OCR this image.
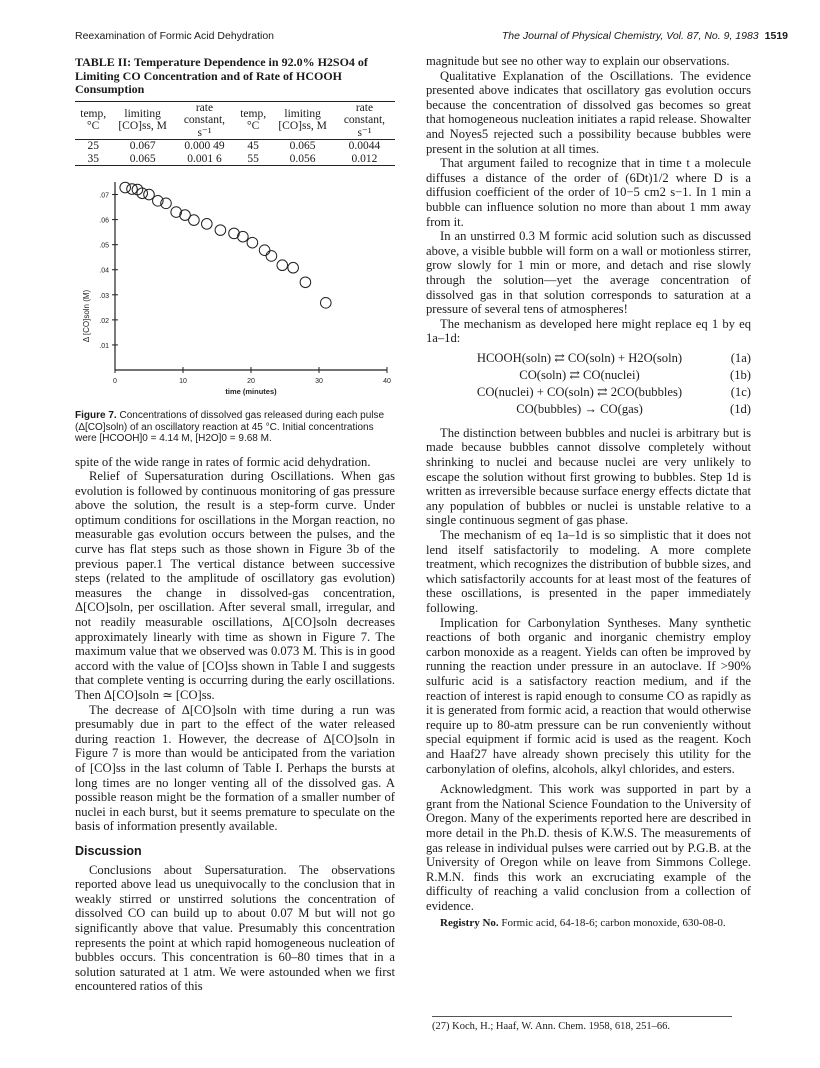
Reexamination of Formic Acid Dehydration	The Journal of Physical Chemistry, Vol. 87, No. 9, 1983 1519
TABLE II: Temperature Dependence in 92.0% H2SO4 of Limiting CO Concentration and of Rate of HCOOH Consumption
temp, °C	limiting [CO]ss, M	rate constant, s⁻¹	temp, °C	limiting [CO]ss, M	rate constant, s⁻¹
25	0.067	0.000 49	45	0.065	0.0044
35	0.065	0.001 6	55	0.056	0.012
.01
.02
.03
.04
.05
.06
.07
0	10	20	30	40
time (minutes)
Δ [CO]soln (M)
Figure 7. Concentrations of dissolved gas released during each pulse (Δ[CO]soln) of an oscillatory reaction at 45 °C. Initial concentrations were [HCOOH]0 = 4.14 M, [H2O]0 = 9.68 M.

spite of the wide range in rates of formic acid dehydration.

Relief of Supersaturation during Oscillations. When gas evolution is followed by continuous monitoring of gas pressure above the solution, the result is a step-form curve. Under optimum conditions for oscillations in the Morgan reaction, no measurable gas evolution occurs between the pulses, and the curve has flat steps such as those shown in Figure 3b of the previous paper.1 The vertical distance between successive steps (related to the amplitude of oscillatory gas evolution) measures the change in dissolved-gas concentration, Δ[CO]soln, per oscillation. After several small, irregular, and not readily measurable oscillations, Δ[CO]soln decreases approximately linearly with time as shown in Figure 7. The maximum value that we observed was 0.073 M. This is in good accord with the value of [CO]ss shown in Table I and suggests that complete venting is occurring during the early oscillations. Then Δ[CO]soln ≃ [CO]ss.

The decrease of Δ[CO]soln with time during a run was presumably due in part to the effect of the water released during reaction 1. However, the decrease of Δ[CO]soln in Figure 7 is more than would be anticipated from the variation of [CO]ss in the last column of Table I. Perhaps the bursts at long times are no longer venting all of the dissolved gas. A possible reason might be the formation of a smaller number of nuclei in each burst, but it seems premature to speculate on the basis of information presently available.

Discussion

Conclusions about Supersaturation. The observations reported above lead us unequivocally to the conclusion that in weakly stirred or unstirred solutions the concentration of dissolved CO can build up to about 0.07 M but will not go significantly above that value. Presumably this concentration represents the point at which rapid homogeneous nucleation of bubbles occurs. This concentration is 60–80 times that in a solution saturated at 1 atm. We were astounded when we first encountered ratios of this

magnitude but see no other way to explain our observations.

Qualitative Explanation of the Oscillations. The evidence presented above indicates that oscillatory gas evolution occurs because the concentration of dissolved gas becomes so great that homogeneous nucleation initiates a rapid release. Showalter and Noyes5 rejected such a possibility because bubbles were present in the solution at all times.

That argument failed to recognize that in time t a molecule diffuses a distance of the order of (6Dt)1/2 where D is a diffusion coefficient of the order of 10−5 cm2 s−1. In 1 min a bubble can influence solution no more than about 1 mm away from it.

In an unstirred 0.3 M formic acid solution such as discussed above, a visible bubble will form on a wall or motionless stirrer, grow slowly for 1 min or more, and detach and rise slowly through the solution—yet the average concentration of dissolved gas in that solution corresponds to saturation at a pressure of several tens of atmospheres!

The mechanism as developed here might replace eq 1 by eq 1a–1d:

HCOOH(soln) ⇄ CO(soln) + H2O(soln)	(1a)
CO(soln) ⇄ CO(nuclei)	(1b)
CO(nuclei) + CO(soln) ⇄ 2CO(bubbles)	(1c)
CO(bubbles) → CO(gas)	(1d)

The distinction between bubbles and nuclei is arbitrary but is made because bubbles cannot dissolve completely without shrinking to nuclei and because nuclei are very unlikely to escape the solution without first growing to bubbles. Step 1d is written as irreversible because surface energy effects dictate that any population of bubbles or nuclei is unstable relative to a single continuous segment of gas phase.

The mechanism of eq 1a–1d is so simplistic that it does not lend itself satisfactorily to modeling. A more complete treatment, which recognizes the distribution of bubble sizes, and which satisfactorily accounts for at least most of the features of these oscillations, is presented in the paper immediately following.

Implication for Carbonylation Syntheses. Many synthetic reactions of both organic and inorganic chemistry employ carbon monoxide as a reagent. Yields can often be improved by running the reaction under pressure in an autoclave. If >90% sulfuric acid is a satisfactory reaction medium, and if the reaction of interest is rapid enough to consume CO as rapidly as it is generated from formic acid, a reaction that would otherwise require up to 80-atm pressure can be run conveniently without special equipment if formic acid is used as the reagent. Koch and Haaf27 have already shown precisely this utility for the carbonylation of olefins, alcohols, alkyl chlorides, and esters.

Acknowledgment. This work was supported in part by a grant from the National Science Foundation to the University of Oregon. Many of the experiments reported here are described in more detail in the Ph.D. thesis of K.W.S. The measurements of gas release in individual pulses were carried out by P.G.B. at the University of Oregon while on leave from Simmons College. R.M.N. finds this work an excruciating example of the difficulty of reaching a valid conclusion from a collection of evidence.

Registry No. Formic acid, 64-18-6; carbon monoxide, 630-08-0.
(27) Koch, H.; Haaf, W. Ann. Chem. 1958, 618, 251–66.
